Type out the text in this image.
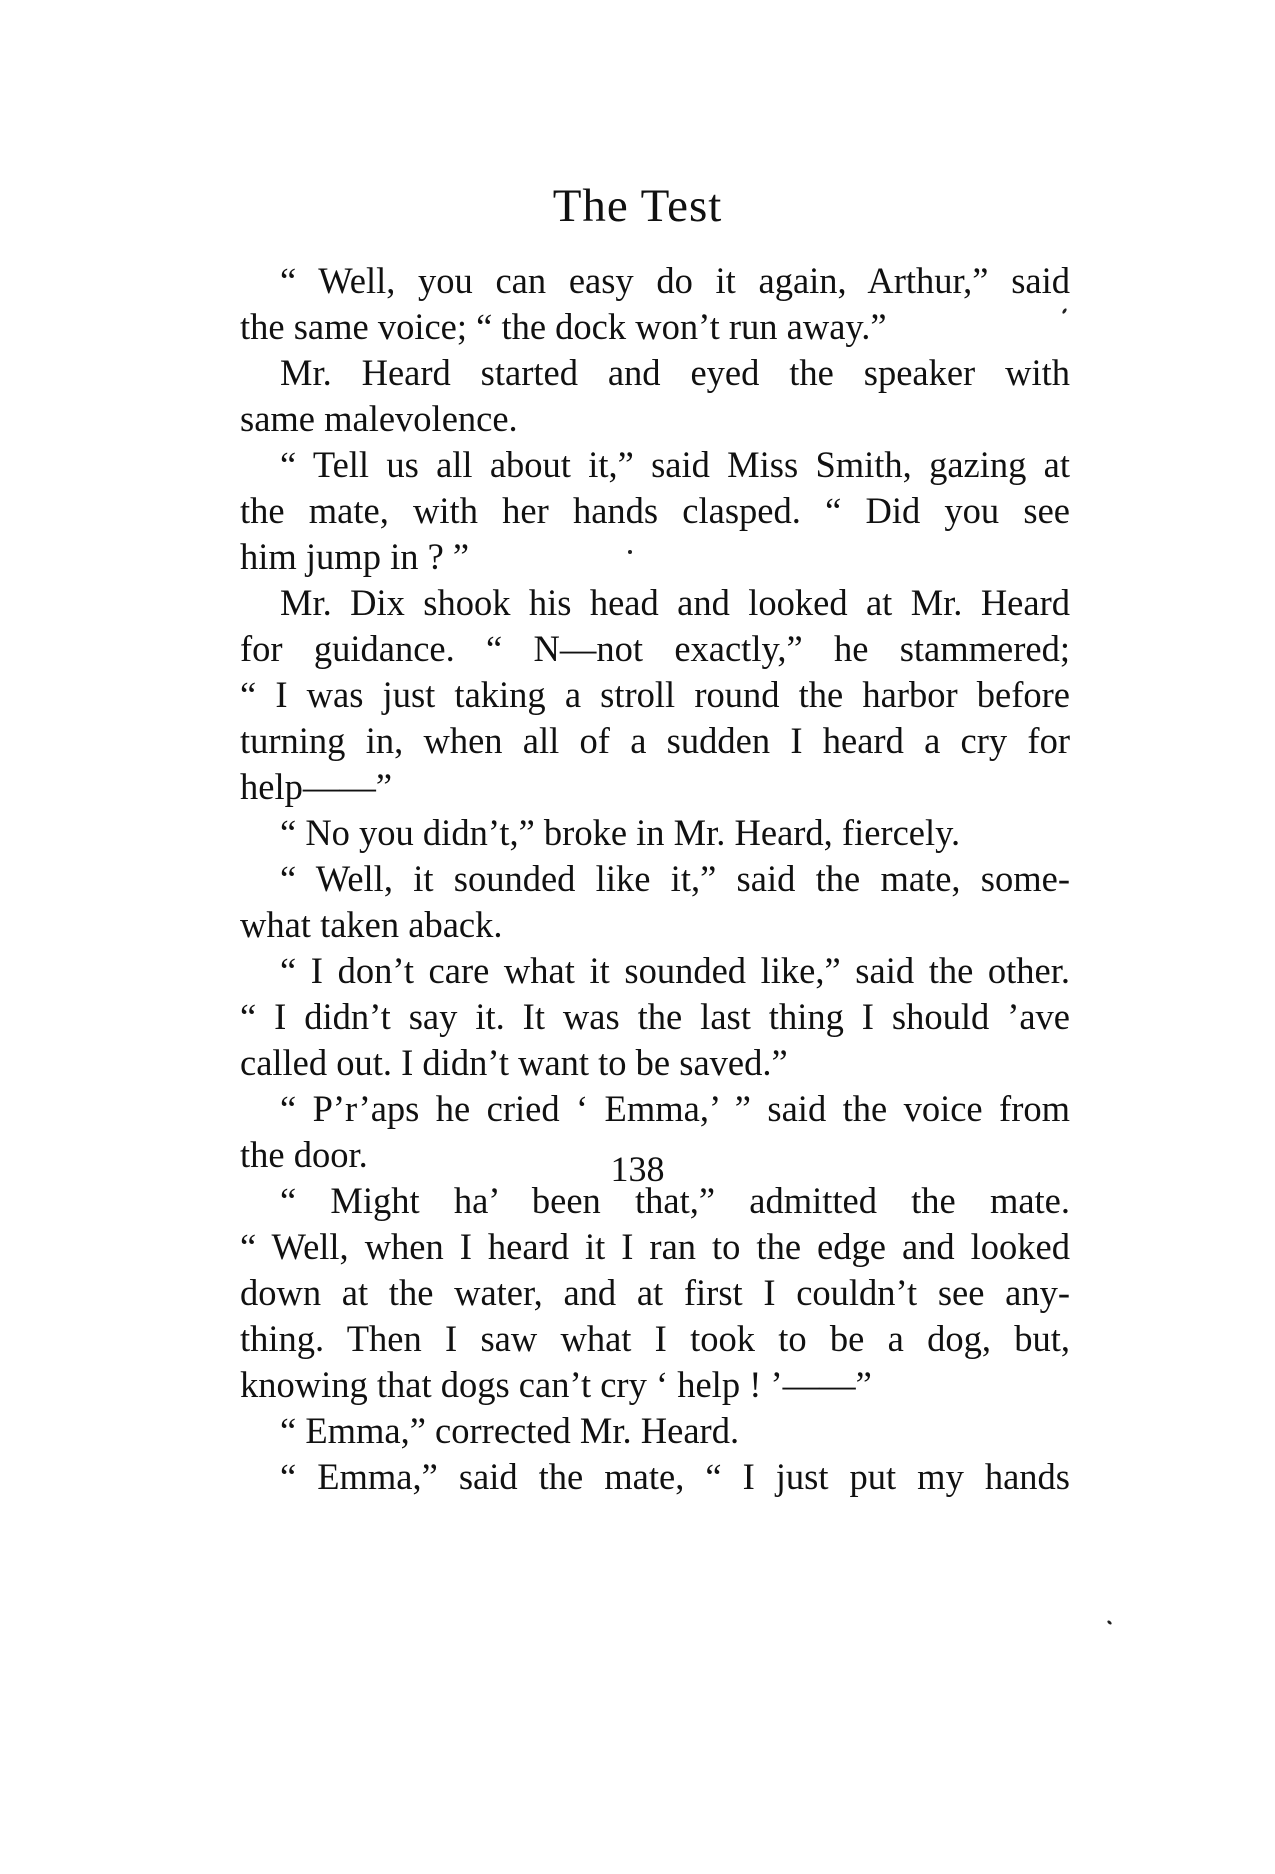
The Test

“ Well, you can easy do it again, Arthur,” said
the same voice; “ the dock won’t run away.”

Mr. Heard started and eyed the speaker with
same malevolence.

“ Tell us all about it,” said Miss Smith, gazing at
the mate, with her hands clasped. “ Did you see
him jump in ? ”

Mr. Dix shook his head and looked at Mr. Heard
for guidance. “ N—not exactly,” he stammered;
“ I was just taking a stroll round the harbor before
turning in, when all of a sudden I heard a cry for
help——”

“ No you didn’t,” broke in Mr. Heard, fiercely.

“ Well, it sounded like it,” said the mate, some-
what taken aback.

“ I don’t care what it sounded like,” said the other.
“ I didn’t say it. It was the last thing I should ’ave
called out. I didn’t want to be saved.”

“ P’r’aps he cried ‘ Emma,’ ” said the voice from
the door.

“ Might ha’ been that,” admitted the mate.
“ Well, when I heard it I ran to the edge and looked
down at the water, and at first I couldn’t see any-
thing. Then I saw what I took to be a dog, but,
knowing that dogs can’t cry ‘ help ! ’——”

“ Emma,” corrected Mr. Heard.

“ Emma,” said the mate, “ I just put my hands

138
